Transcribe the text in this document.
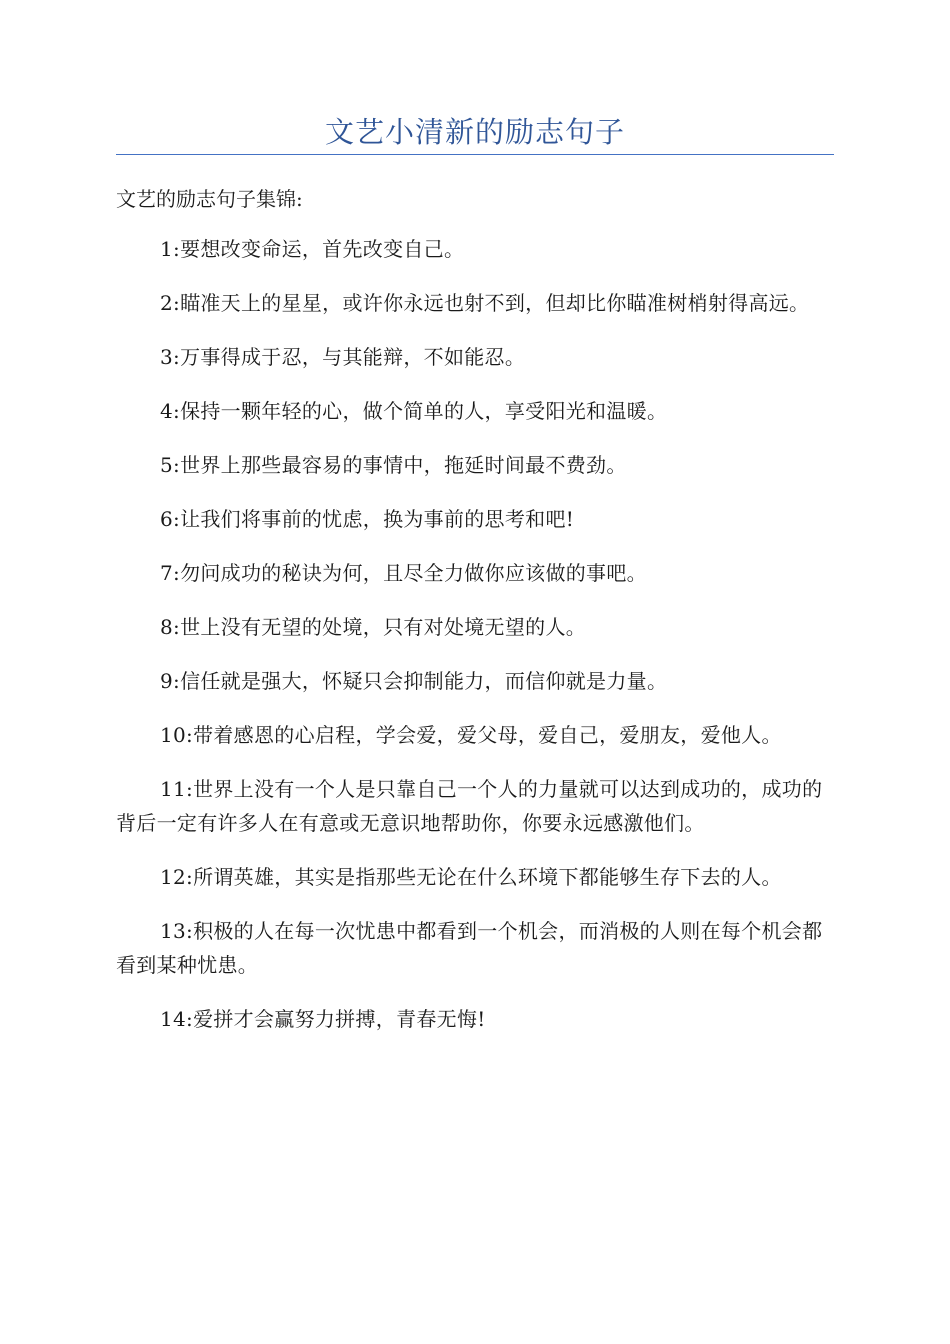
文艺小清新的励志句子
文艺的励志句子集锦:

1:要想改变命运，首先改变自己。

2:瞄准天上的星星，或许你永远也射不到，但却比你瞄准树梢射得高远。

3:万事得成于忍，与其能辩，不如能忍。

4:保持一颗年轻的心，做个简单的人，享受阳光和温暖。

5:世界上那些最容易的事情中，拖延时间最不费劲。

6:让我们将事前的忧虑，换为事前的思考和吧!

7:勿问成功的秘诀为何，且尽全力做你应该做的事吧。

8:世上没有无望的处境，只有对处境无望的人。

9:信任就是强大，怀疑只会抑制能力，而信仰就是力量。

10:带着感恩的心启程，学会爱，爱父母，爱自己，爱朋友，爱他人。

11:世界上没有一个人是只靠自己一个人的力量就可以达到成功的，成功的背后一定有许多人在有意或无意识地帮助你，你要永远感激他们。

12:所谓英雄，其实是指那些无论在什么环境下都能够生存下去的人。

13:积极的人在每一次忧患中都看到一个机会，而消极的人则在每个机会都看到某种忧患。

14:爱拼才会赢努力拼搏，青春无悔!
